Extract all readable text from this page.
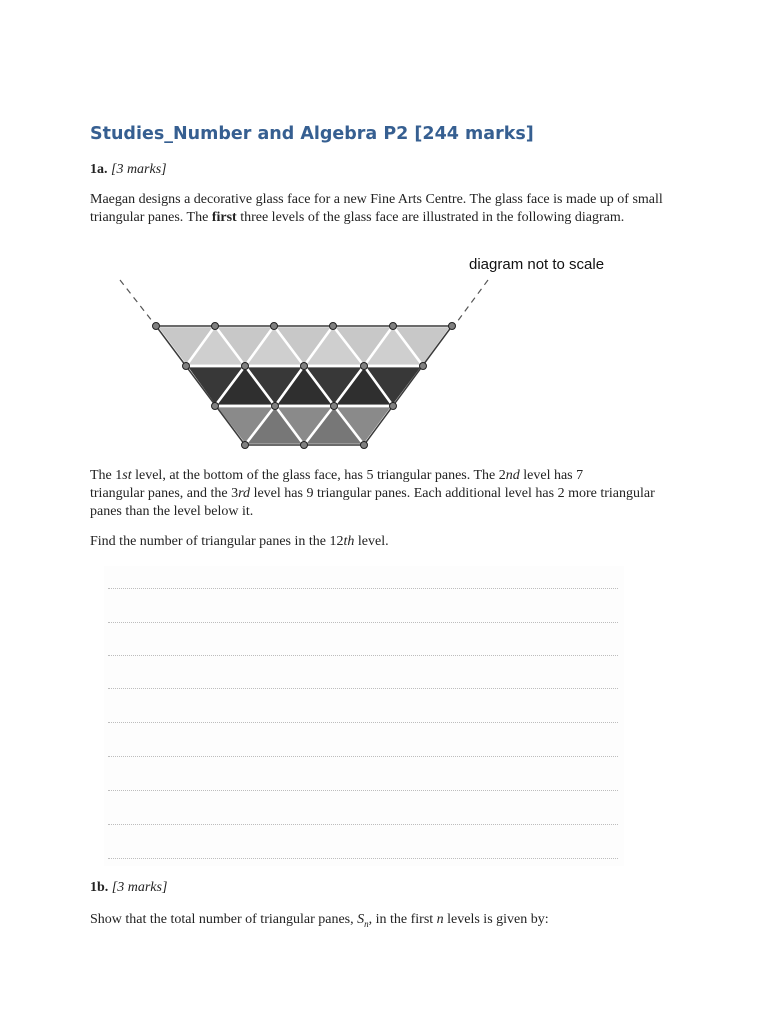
Studies_Number and Algebra P2 [244 marks]
1a. [3 marks]
Maegan designs a decorative glass face for a new Fine Arts Centre. The glass face is made up of small triangular panes. The first three levels of the glass face are illustrated in the following diagram.
diagram not to scale
The 1st level, at the bottom of the glass face, has 5 triangular panes. The 2nd level has 7
triangular panes, and the 3rd level has 9 triangular panes. Each additional level has 2 more triangular panes than the level below it.
Find the number of triangular panes in the 12th level.
1b. [3 marks]
Show that the total number of triangular panes, $S_n$, in the first n levels is given by:
